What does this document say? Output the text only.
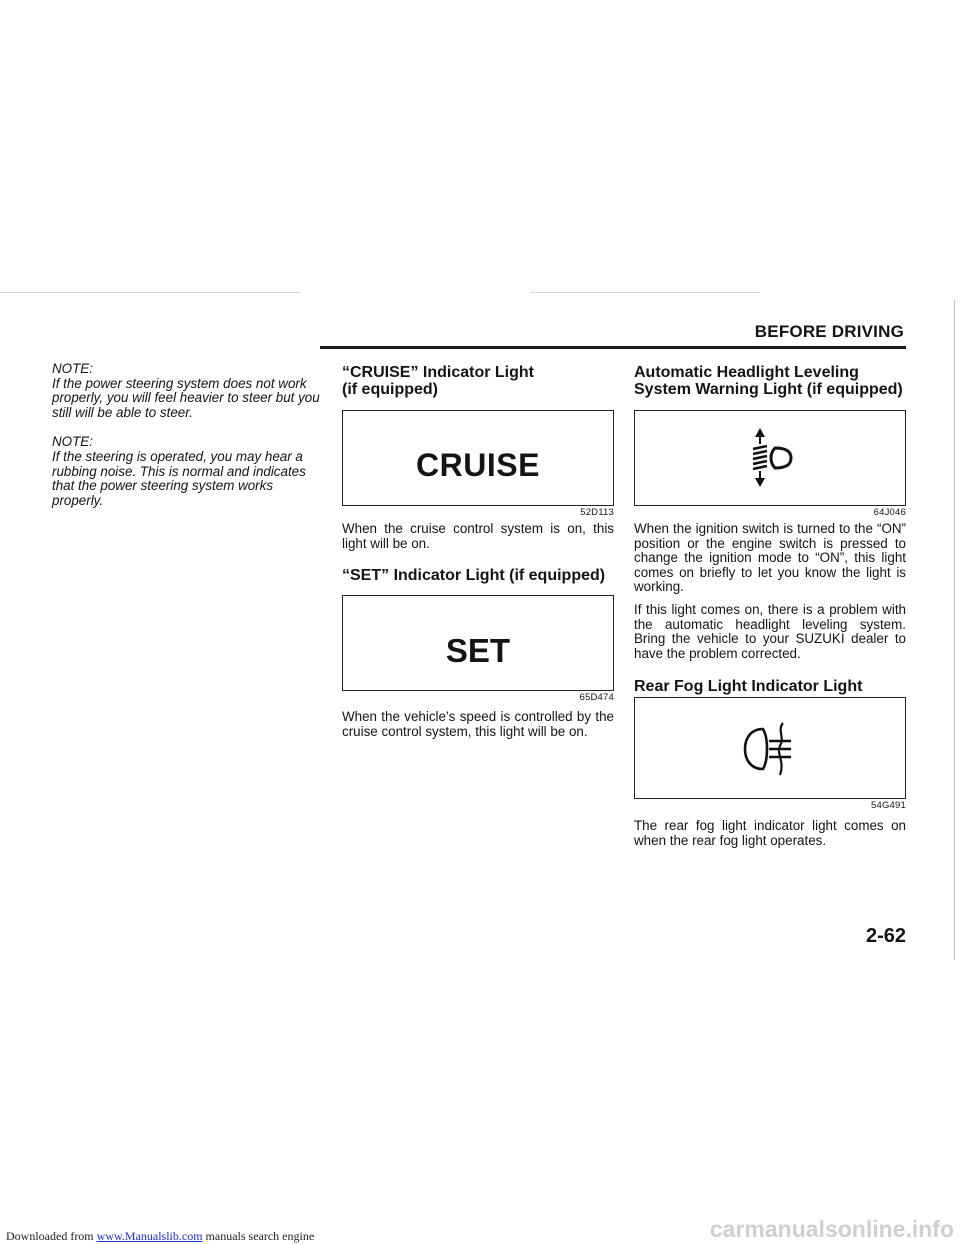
BEFORE DRIVING

NOTE:
If the power steering system does not work properly, you will feel heavier to steer but you still will be able to steer.

NOTE:
If the steering is operated, you may hear a rubbing noise. This is normal and indicates that the power steering system works properly.

“CRUISE” Indicator Light (if equipped)
CRUISE
52D113

When the cruise control system is on, this light will be on.

“SET” Indicator Light (if equipped)
SET
65D474

When the vehicle’s speed is controlled by the cruise control system, this light will be on.

Automatic Headlight Leveling System Warning Light (if equipped)
64J046

When the ignition switch is turned to the “ON” position or the engine switch is pressed to change the ignition mode to “ON”, this light comes on briefly to let you know the light is working.

If this light comes on, there is a problem with the automatic headlight leveling system. Bring the vehicle to your SUZUKI dealer to have the problem corrected.

Rear Fog Light Indicator Light
54G491

The rear fog light indicator light comes on when the rear fog light operates.

2-62
Downloaded from www.Manualslib.com manuals search engine	carmanualsonline.info
